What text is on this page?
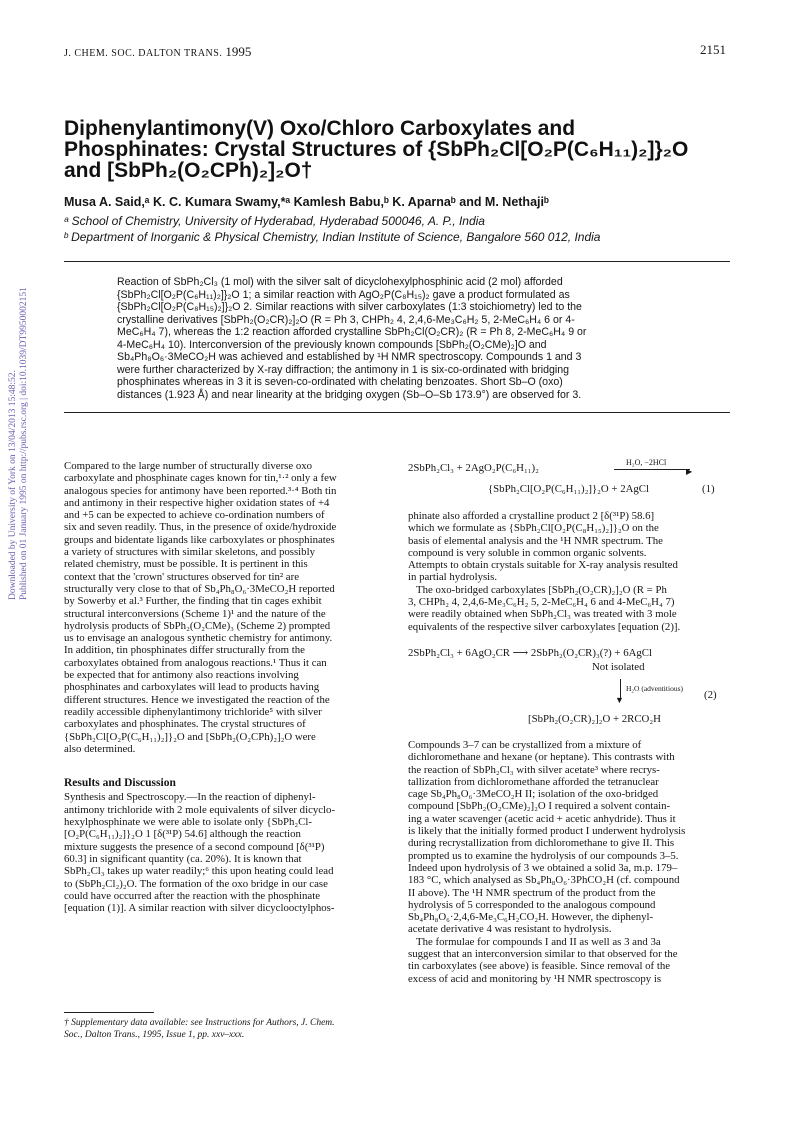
J. CHEM. SOC. DALTON TRANS. 1995	2151
Downloaded by University of York on 13/04/2013 15:48:52. Published on 01 January 1995 on http://pubs.rsc.org | doi:10.1039/DT9950002151
Diphenylantimony(V) Oxo/Chloro Carboxylates and
Phosphinates: Crystal Structures of {SbPh₂Cl[O₂P(C₆H₁₁)₂]}₂O
and [SbPh₂(O₂CPh)₂]₂O†
Musa A. Said,ᵃ K. C. Kumara Swamy,*ᵃ Kamlesh Babu,ᵇ K. Aparnaᵇ and M. Nethajiᵇ
ᵃ School of Chemistry, University of Hyderabad, Hyderabad 500046, A. P., India
ᵇ Department of Inorganic & Physical Chemistry, Indian Institute of Science, Bangalore 560 012, India
Reaction of SbPh₂Cl₃ (1 mol) with the silver salt of dicyclohexylphosphinic acid (2 mol) afforded
{SbPh₂Cl[O₂P(C₆H₁₁)₂]}₂O 1; a similar reaction with AgO₂P(C₈H₁₅)₂ gave a product formulated as
{SbPh₂Cl[O₂P(C₈H₁₅)₂]}₂O 2. Similar reactions with silver carboxylates (1:3 stoichiometry) led to the
crystalline derivatives [SbPh₂(O₂CR)₂]₂O (R = Ph 3, CHPh₂ 4, 2,4,6-Me₃C₆H₂ 5, 2-MeC₆H₄ 6 or 4-
MeC₆H₄ 7), whereas the 1:2 reaction afforded crystalline SbPh₂Cl(O₂CR)₂ (R = Ph 8, 2-MeC₆H₄ 9 or
4-MeC₆H₄ 10). Interconversion of the previously known compounds [SbPh₂(O₂CMe)₂]O and
Sb₄Ph₈O₆·3MeCO₂H was achieved and established by ¹H NMR spectroscopy. Compounds 1 and 3
were further characterized by X-ray diffraction; the antimony in 1 is six-co-ordinated with bridging
phosphinates whereas in 3 it is seven-co-ordinated with chelating benzoates. Short Sb–O (oxo)
distances (1.923 Å) and near linearity at the bridging oxygen (Sb–O–Sb 173.9°) are observed for 3.
Compared to the large number of structurally diverse oxo
carboxylate and phosphinate cages known for tin,¹·² only a few
analogous species for antimony have been reported.³·⁴ Both tin
and antimony in their respective higher oxidation states of +4
and +5 can be expected to achieve co-ordination numbers of
six and seven readily. Thus, in the presence of oxide/hydroxide
groups and bidentate ligands like carboxylates or phosphinates
a variety of structures with similar skeletons, and possibly
related chemistry, must be possible. It is pertinent in this
context that the 'crown' structures observed for tin² are
structurally very close to that of Sb₄Ph₈O₆·3MeCO₂H reported
by Sowerby et al.³ Further, the finding that tin cages exhibit
structural interconversions (Scheme 1)¹ and the nature of the
hydrolysis products of SbPh₂(O₂CMe)₃ (Scheme 2) prompted
us to envisage an analogous synthetic chemistry for antimony.
In addition, tin phosphinates differ structurally from the
carboxylates obtained from analogous reactions.¹ Thus it can
be expected that for antimony also reactions involving
phosphinates and carboxylates will lead to products having
different structures. Hence we investigated the reaction of the
readily accessible diphenylantimony trichloride⁵ with silver
carboxylates and phosphinates. The crystal structures of
{SbPh₂Cl[O₂P(C₆H₁₁)₂]}₂O and [SbPh₂(O₂CPh)₂]₂O were
also determined.
Results and Discussion
Synthesis and Spectroscopy.—In the reaction of diphenyl-
antimony trichloride with 2 mole equivalents of silver dicyclo-
hexylphosphinate we were able to isolate only {SbPh₂Cl-
[O₂P(C₆H₁₁)₂]}₂O 1 [δ(³¹P) 54.6] although the reaction
mixture suggests the presence of a second compound [δ(³¹P)
60.3] in significant quantity (ca. 20%). It is known that
SbPh₂Cl₃ takes up water readily;⁶ this upon heating could lead
to (SbPh₂Cl₂)₂O. The formation of the oxo bridge in our case
could have occurred after the reaction with the phosphinate
[equation (1)]. A similar reaction with silver dicyclooctylphos-
† Supplementary data available: see Instructions for Authors, J. Chem.
Soc., Dalton Trans., 1995, Issue 1, pp. xxv–xxx.
2SbPh₂Cl₃ + 2AgO₂P(C₆H₁₁)₂	H₂O, −2HCl
▶
{SbPh₂Cl[O₂P(C₆H₁₁)₂]}₂O + 2AgCl	(1)
phinate also afforded a crystalline product 2 [δ(³¹P) 58.6]
which we formulate as {SbPh₂Cl[O₂P(C₈H₁₅)₂]}₂O on the
basis of elemental analysis and the ¹H NMR spectrum. The
compound is very soluble in common organic solvents.
Attempts to obtain crystals suitable for X-ray analysis resulted
in partial hydrolysis.
The oxo-bridged carboxylates [SbPh₂(O₂CR)₂]₂O (R = Ph
3, CHPh₂ 4, 2,4,6-Me₃C₆H₂ 5, 2-MeC₆H₄ 6 and 4-MeC₆H₄ 7)
were readily obtained when SbPh₂Cl₃ was treated with 3 mole
equivalents of the respective silver carboxylates [equation (2)].
2SbPh₂Cl₃ + 6AgO₂CR ⟶ 2SbPh₂(O₂CR)₃(?) + 6AgCl
Not isolated
▼
H₂O (adventitious)
(2)
[SbPh₂(O₂CR)₂]₂O + 2RCO₂H
Compounds 3–7 can be crystallized from a mixture of
dichloromethane and hexane (or heptane). This contrasts with
the reaction of SbPh₂Cl₃ with silver acetate³ where recrys-
tallization from dichloromethane afforded the tetranuclear
cage Sb₄Ph₈O₆·3MeCO₂H II; isolation of the oxo-bridged
compound [SbPh₂(O₂CMe)₂]₂O I required a solvent contain-
ing a water scavenger (acetic acid + acetic anhydride). Thus it
is likely that the initially formed product I underwent hydrolysis
during recrystallization from dichloromethane to give II. This
prompted us to examine the hydrolysis of our compounds 3–5.
Indeed upon hydrolysis of 3 we obtained a solid 3a, m.p. 179–
183 °C, which analysed as Sb₄Ph₈O₆·3PhCO₂H (cf. compound
II above). The ¹H NMR spectrum of the product from the
hydrolysis of 5 corresponded to the analogous compound
Sb₄Ph₈O₆·2,4,6-Me₃C₆H₂CO₂H. However, the diphenyl-
acetate derivative 4 was resistant to hydrolysis.
The formulae for compounds I and II as well as 3 and 3a
suggest that an interconversion similar to that observed for the
tin carboxylates (see above) is feasible. Since removal of the
excess of acid and monitoring by ¹H NMR spectroscopy is
